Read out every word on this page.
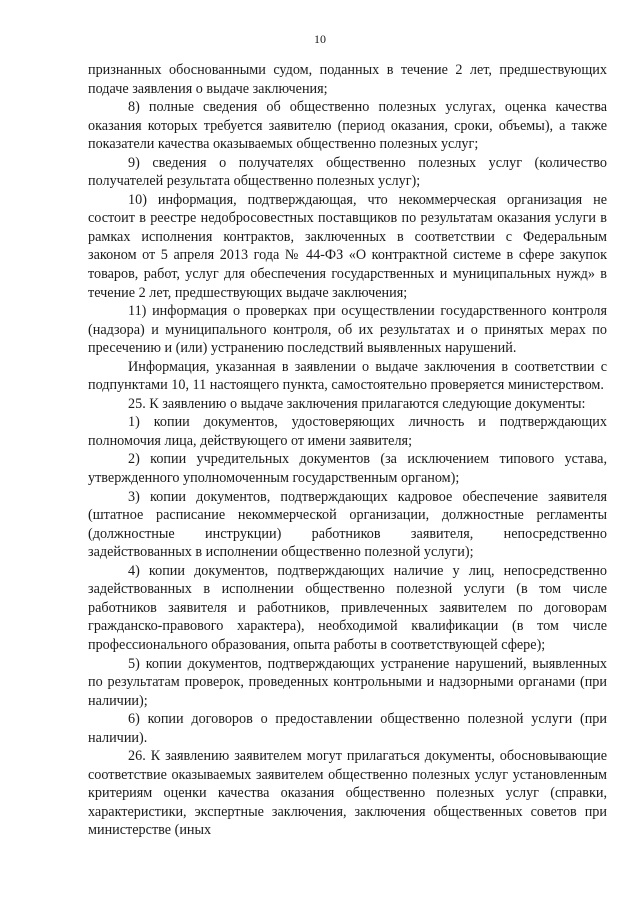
10

признанных обоснованными судом, поданных в течение 2 лет, предшествующих подаче заявления о выдаче заключения;

8) полные сведения об общественно полезных услугах, оценка качества оказания которых требуется заявителю (период оказания, сроки, объемы), а также показатели качества оказываемых общественно полезных услуг;

9) сведения о получателях общественно полезных услуг (количество получателей результата общественно полезных услуг);

10) информация, подтверждающая, что некоммерческая организация не состоит в реестре недобросовестных поставщиков по результатам оказания услуги в рамках исполнения контрактов, заключенных в соответствии с Федеральным законом от 5 апреля 2013 года № 44-ФЗ «О контрактной системе в сфере закупок товаров, работ, услуг для обеспечения государственных и муниципальных нужд» в течение 2 лет, предшествующих выдаче заключения;

11) информация о проверках при осуществлении государственного контроля (надзора) и муниципального контроля, об их результатах и о принятых мерах по пресечению и (или) устранению последствий выявленных нарушений.

Информация, указанная в заявлении о выдаче заключения в соответствии с подпунктами 10, 11 настоящего пункта, самостоятельно проверяется министерством.

25. К заявлению о выдаче заключения прилагаются следующие документы:

1) копии документов, удостоверяющих личность и подтверждающих полномочия лица, действующего от имени заявителя;

2) копии учредительных документов (за исключением типового устава, утвержденного уполномоченным государственным органом);

3) копии документов, подтверждающих кадровое обеспечение заявителя (штатное расписание некоммерческой организации, должностные регламенты (должностные инструкции) работников заявителя, непосредственно задействованных в исполнении общественно полезной услуги);

4) копии документов, подтверждающих наличие у лиц, непосредственно задействованных в исполнении общественно полезной услуги (в том числе работников заявителя и работников, привлеченных заявителем по договорам гражданско-правового характера), необходимой квалификации (в том числе профессионального образования, опыта работы в соответствующей сфере);

5) копии документов, подтверждающих устранение нарушений, выявленных по результатам проверок, проведенных контрольными и надзорными органами (при наличии);

6) копии договоров о предоставлении общественно полезной услуги (при наличии).

26. К заявлению заявителем могут прилагаться документы, обосновывающие соответствие оказываемых заявителем общественно полезных услуг установленным критериям оценки качества оказания общественно полезных услуг (справки, характеристики, экспертные заключения, заключения общественных советов при министерстве (иных
